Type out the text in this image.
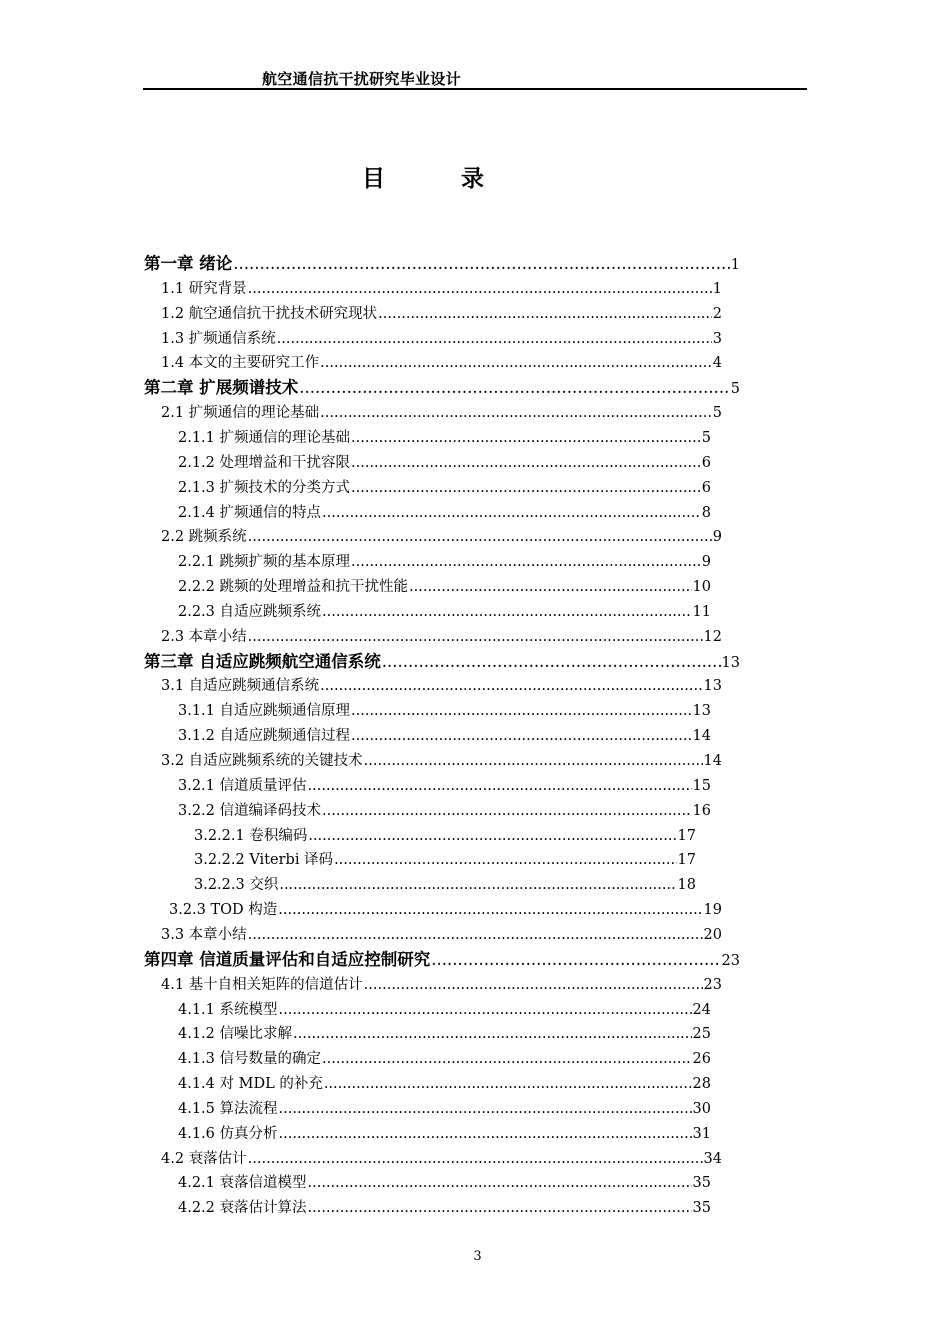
航空通信抗干扰研究毕业设计
目 录
第一章 绪论 .....	1
1.1 研究背景 .....	1
1.2 航空通信抗干扰技术研究现状 .....	2
1.3 扩频通信系统 .....	3
1.4 本文的主要研究工作 .....	4
第二章 扩展频谱技术 .....	5
2.1 扩频通信的理论基础 .....	5
2.1.1 扩频通信的理论基础 .....	5
2.1.2 处理增益和干扰容限 .....	6
2.1.3 扩频技术的分类方式 .....	6
2.1.4 扩频通信的特点 .....	8
2.2 跳频系统 .....	9
2.2.1 跳频扩频的基本原理 .....	9
2.2.2 跳频的处理增益和抗干扰性能 .....	10
2.2.3 自适应跳频系统 .....	11
2.3 本章小结 .....	12
第三章 自适应跳频航空通信系统 .....	13
3.1 自适应跳频通信系统 .....	13
3.1.1 自适应跳频通信原理 .....	13
3.1.2 自适应跳频通信过程 .....	14
3.2 自适应跳频系统的关键技术 .....	14
3.2.1 信道质量评估 .....	15
3.2.2 信道编译码技术 .....	16
3.2.2.1 卷积编码 .....	17
3.2.2.2 Viterbi 译码 .....	17
3.2.2.3 交织 .....	18
3.2.3 TOD 构造 .....	19
3.3 本章小结 .....	20
第四章 信道质量评估和自适应控制研究 .....	23
4.1 基十自相关矩阵的信道估计 .....	23
4.1.1 系统模型 .....	24
4.1.2 信噪比求解 .....	25
4.1.3 信号数量的确定 .....	26
4.1.4 对 MDL 的补充 .....	28
4.1.5 算法流程 .....	30
4.1.6 仿真分析 .....	31
4.2 衰落估计 .....	34
4.2.1 衰落信道模型 .....	35
4.2.2 衰落估计算法 .....	35
3
